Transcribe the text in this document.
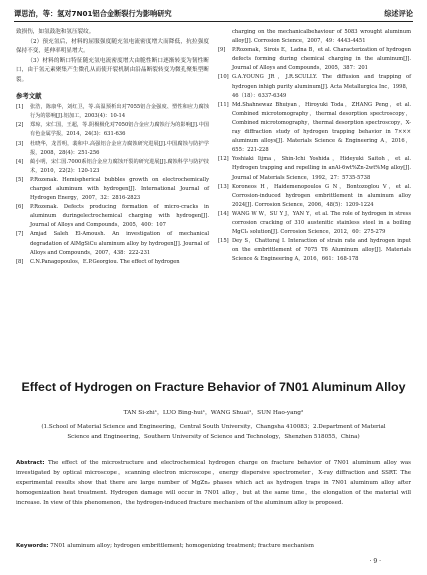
谭思治，等：氢对7N01铝合金断裂行为影响研究	综述评论

致损伤，如氢鼓泡和氢压裂纹。

（2）预充氢后，材料的屈服强度随充氢电流密度增大而降低，抗拉强度保持不变，延伸率明显增大。

（3）材料的断口特征随充氢电流密度增大由脆性断口逐渐转变为韧性断口，由于氢元素聚集产生微孔从而使开裂机制由沿晶断裂转变为微孔聚集型断裂。

参考文献
[1] 张浩，陈康华，刘红卫，等.高温预析出对7055铝合金强度、塑性和应力腐蚀行为的影响[J].铝加工，2003(4)：10-14
[2] 郑琼，宋仁国，王超，等.阴极极化对7050铝合金应力腐蚀行为的影响[J].中国有色金属学报，2014，24(3)：631-636
[3] 杜晓华，龙晋明，裴和中.高强铝合金应力腐蚀研究进展[J].中国腐蚀与防护学报，2008，28(4)：251-256
[4] 蔺小明，宋仁国.7000系铝合金应力腐蚀开裂的研究进展[J].腐蚀科学与防护技术，2010，22(2)：120-123
[5] P.Rozenak. Hemispherical bubbles growth on electrochemically charged aluminum with hydrogen[J]. International Journal of Hydrogen Energy，2007，32：2816-2823
[6] P.Rozenak. Defects producing formation of micro-cracks in aluminum duringelectrochemical charging with hydrogen[J]. Journal of Alloys and Compounds，2005，400：107
[7] Amjad Saleh El-Amoush. An investigation of mechanical degradation of AlMgSiCu aluminum alloy by hydrogen[J]. Journal of Alloys and Compounds，2007，438：222-231
[8] C.N.Panagopoulos，E.P.Georgiou. The effect of hydrogen
charging on the mechanicalbehaviour of 5083 wrought aluminum alloy[J]. Corrosion Science，2007，49：4443-4451
[9] P.Rozenak，Sirois E，Ladna B，et al. Characterization of hydrogen defects forming during chemical charging in the aluminum[J]. Journal of Alloys and Compounds，2005，387：201
[10] G.A.YOUNG JR，J.R.SCULLY. The diffusion and trapping of hydrogen inhigh purity aluminum[J]. Acta Metallurgica Inc，1998，46（18）：6337-6349
[11] Md.Shahnewaz Bhuiyan，Hiroyuki Toda，ZHANG Peng，et al. Combined microtomography，thermal desorption spectroscopy，Combined microtomography，thermal desorption spectroscopy，X-ray diffraction study of hydrogen trapping behavior in 7××× aluminum alloys[J]. Materials Science & Engineering A，2016，655：221-228
[12] Yoshiaki Iijma，Shin-Ichi Yoshida，Hideyuki Saitoh，et al. Hydrogen trapping and repelling in anAl-6wt%Zn-2wt%Mg alloy[J]. Journal of Materials Science，1992，27：5735-5738
[13] Koroneos H，Haidemenopoulos G N，Bontozoglou V，et al. Corrosion-induced hydrogen embrittlement in aluminum alloy 2024[J]. Corrosion Science，2006，48(5)：1209-1224
[14] WANG W W，SU Y J，YAN Y，et al. The role of hydrogen in stress corrosion cracking of 310 austenitic stainless steel in a boiling MgCl₂ solution[J]. Corrosion Science，2012，60：275-279
[15] Dey S，Chattoraj I. Interaction of strain rate and hydrogen input on the embrittlement of 7075 T6 Aluminum alloy[J]. Materials Science & Engineering A，2016，661：168-178
Effect of Hydrogen on Fracture Behavior of 7N01 Aluminum Alloy
TAN Si-zhi¹，LUO Bing-hui¹，WANG Shuai¹，SUN Hao-yang²
(1.School of Material Science and Engineering，Central South University，Changsha 410083；2.Department of Material Science and Engineering，Southern University of Science and Technology，Shenzhen 518055，China)

Abstract: The effect of the microstructure and electrochemical hydrogen charge on fracture behavior of 7N01 aluminum alloy was investigated by optical microscope，scanning electron microscope，energy dispersive spectrometer，X-ray diffraction and SSRT. The experimental results show that there are large number of MgZn₂ phases which act as hydrogen traps in 7N01 aluminum alloy after homogenization heat treatment. Hydrogen damage will occur in 7N01 alloy，but at the same time，the elongation of the material will increase. In view of this phenomenon，the hydrogen-induced fracture mechanism of the aluminum alloy is proposed.

Keywords: 7N01 aluminum alloy; hydrogen embrittlement; homogenizing treatment; fracture mechanism
· 9 ·
